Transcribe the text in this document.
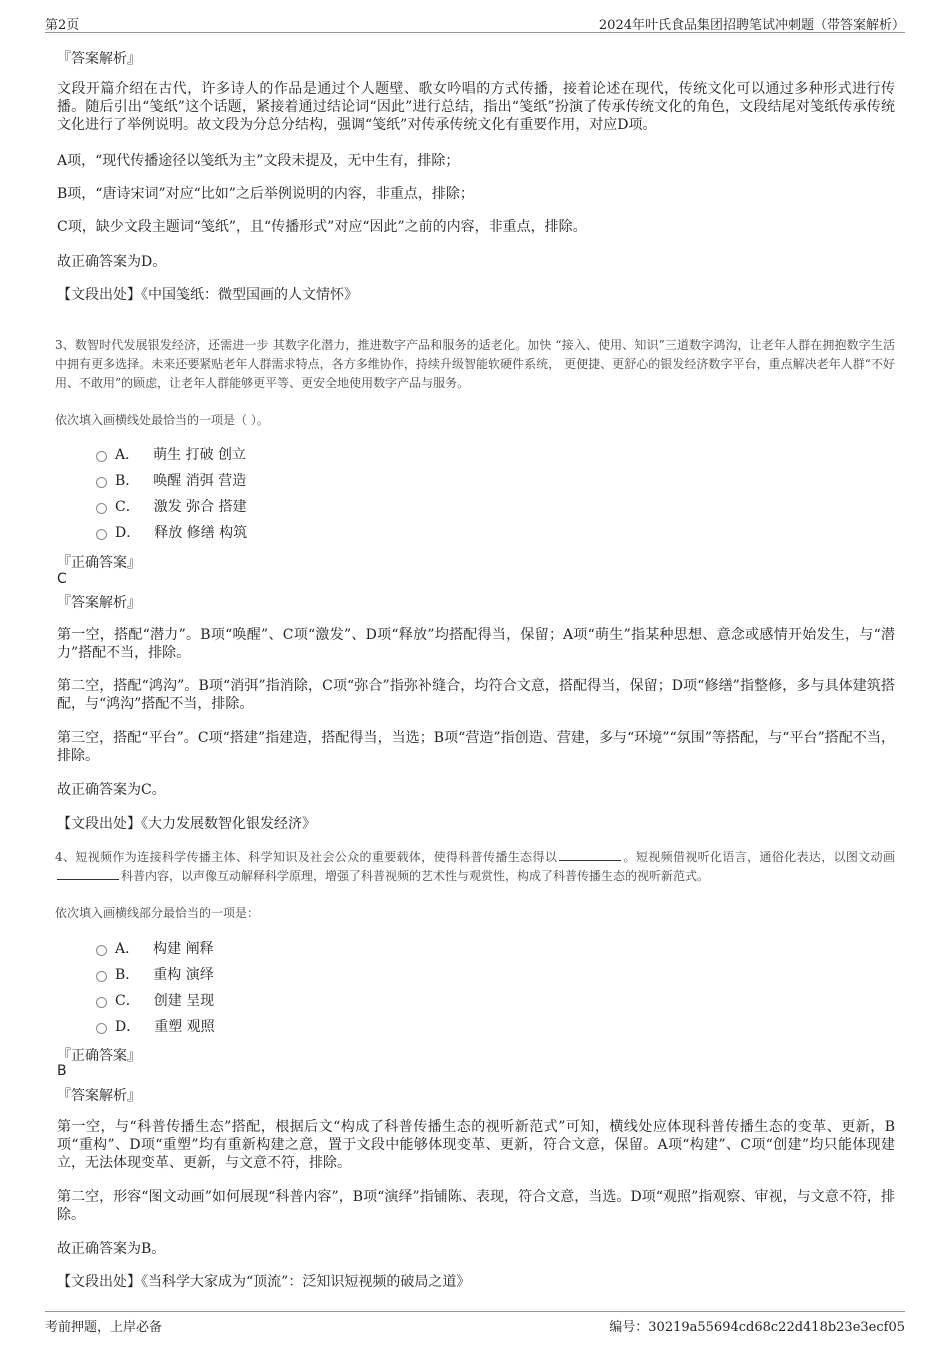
第2页	2024年叶氏食品集团招聘笔试冲刺题（带答案解析）
『答案解析』
文段开篇介绍在古代，许多诗人的作品是通过个人题壁、歌女吟唱的方式传播，接着论述在现代，传统文化可以通过多种形式进行传播。随后引出“笺纸”这个话题，紧接着通过结论词“因此”进行总结，指出“笺纸”扮演了传承传统文化的角色，文段结尾对笺纸传承传统文化进行了举例说明。故文段为分总分结构，强调“笺纸”对传承传统文化有重要作用，对应D项。
A项，“现代传播途径以笺纸为主”文段未提及，无中生有，排除；
B项，“唐诗宋词”对应“比如”之后举例说明的内容，非重点，排除；
C项，缺少文段主题词“笺纸”，且“传播形式”对应“因此”之前的内容，非重点，排除。
故正确答案为D。
【文段出处】《中国笺纸：微型国画的人文情怀》
3、数智时代发展银发经济，还需进一步 其数字化潜力，推进数字产品和服务的适老化。加快 “接入、使用、知识”三道数字鸿沟，让老年人群在拥抱数字生活中拥有更多选择。未来还要紧贴老年人群需求特点，各方多维协作，持续升级智能软硬件系统， 更便捷、更舒心的银发经济数字平台，重点解决老年人群“不好用、不敢用”的顾虑，让老年人群能够更平等、更安全地使用数字产品与服务。
依次填入画横线处最恰当的一项是（ ）。
A． 萌生 打破 创立
B． 唤醒 消弭 营造
C． 激发 弥合 搭建
D． 释放 修缮 构筑
『正确答案』
C
『答案解析』
第一空，搭配“潜力”。B项“唤醒”、C项“激发”、D项“释放”均搭配得当，保留；A项“萌生”指某种思想、意念或感情开始发生，与“潜力”搭配不当，排除。
第二空，搭配“鸿沟”。B项“消弭”指消除，C项“弥合”指弥补缝合，均符合文意，搭配得当，保留；D项“修缮”指整修，多与具体建筑搭配，与“鸿沟”搭配不当，排除。
第三空，搭配“平台”。C项“搭建”指建造，搭配得当，当选；B项“营造”指创造、营建，多与“环境”“氛围”等搭配，与“平台”搭配不当，排除。
故正确答案为C。
【文段出处】《大力发展数智化银发经济》
4、短视频作为连接科学传播主体、科学知识及社会公众的重要载体，使得科普传播生态得以	。短视频借视听化语言，通俗化表达，以图文动画科普内容，以声像互动解释科学原理，增强了科普视频的艺术性与观赏性，构成了科普传播生态的视听新范式。
依次填入画横线部分最恰当的一项是：
A． 构建 阐释
B． 重构 演绎
C． 创建 呈现
D． 重塑 观照
『正确答案』
B
『答案解析』
第一空，与“科普传播生态”搭配，根据后文“构成了科普传播生态的视听新范式”可知，横线处应体现科普传播生态的变革、更新，B项“重构”、D项“重塑”均有重新构建之意，置于文段中能够体现变革、更新，符合文意，保留。A项“构建”、C项“创建”均只能体现建立，无法体现变革、更新，与文意不符，排除。
第二空，形容“图文动画”如何展现“科普内容”，B项“演绎”指铺陈、表现，符合文意，当选。D项“观照”指观察、审视，与文意不符，排除。
故正确答案为B。
【文段出处】《当科学大家成为“顶流”：泛知识短视频的破局之道》
考前押题，上岸必备	编号：30219a55694cd68c22d418b23e3ecf05
